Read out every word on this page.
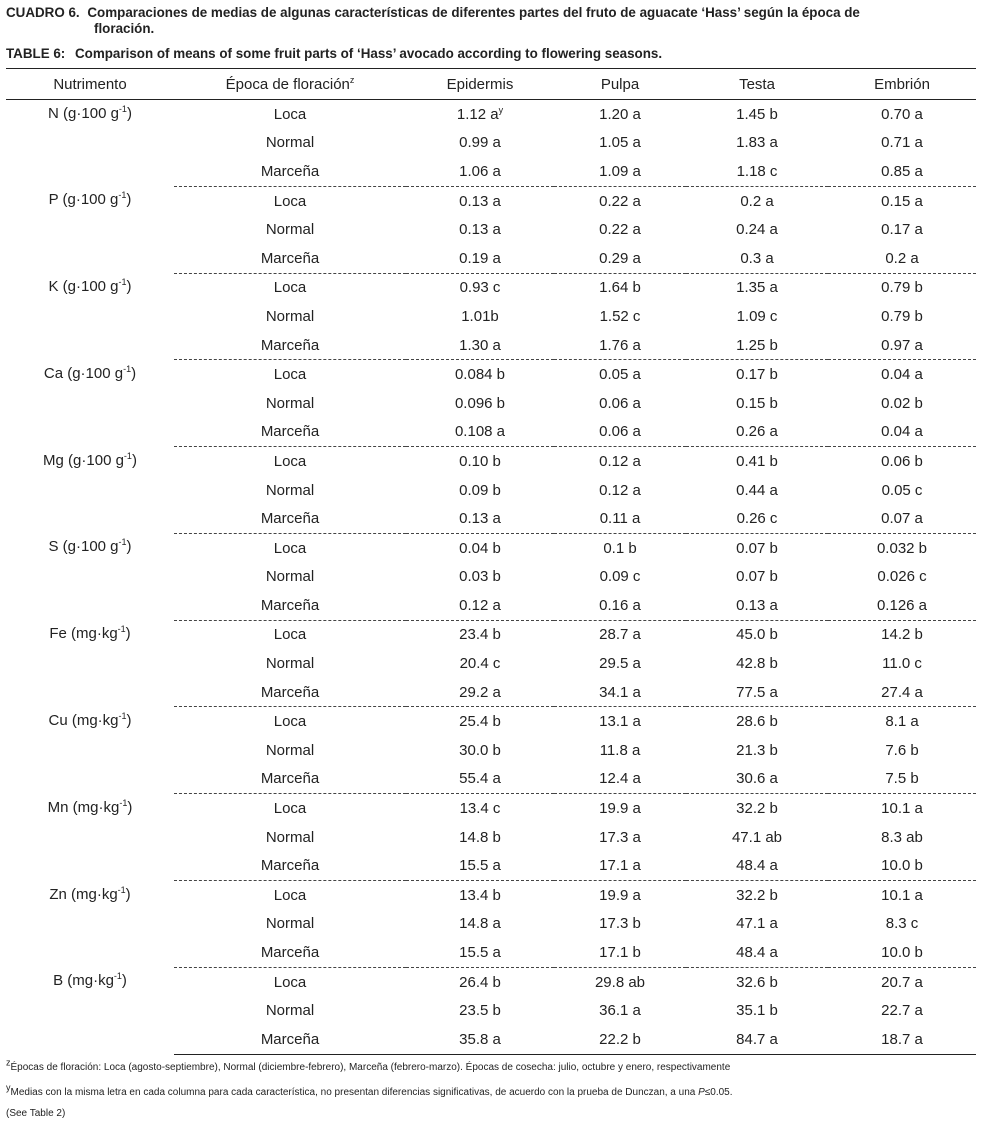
CUADRO 6. Comparaciones de medias de algunas características de diferentes partes del fruto de aguacate ‘Hass’ según la época de
floración.
TABLE 6: Comparison of means of some fruit parts of ‘Hass’ avocado according to flowering seasons.
Nutrimento	Época de floración$^z$	Epidermis	Pulpa	Testa	Embrión
N (g·100 $g^{-1}$)	Loca	1.12 $a^y$	1.20 a	1.45 b	0.70 a
	Normal	0.99 a	1.05 a	1.83 a	0.71 a
	Marceña	1.06 a	1.09 a	1.18 c	0.85 a
P (g·100 $g^{-1}$)	Loca	0.13 a	0.22 a	0.2 a	0.15 a
	Normal	0.13 a	0.22 a	0.24 a	0.17 a
	Marceña	0.19 a	0.29 a	0.3 a	0.2 a
K (g·100 $g^{-1}$)	Loca	0.93 c	1.64 b	1.35 a	0.79 b
	Normal	1.01b	1.52 c	1.09 c	0.79 b
	Marceña	1.30 a	1.76 a	1.25 b	0.97 a
Ca (g·100 $g^{-1}$)	Loca	0.084 b	0.05 a	0.17 b	0.04 a
	Normal	0.096 b	0.06 a	0.15 b	0.02 b
	Marceña	0.108 a	0.06 a	0.26 a	0.04 a
Mg (g·100 $g^{-1}$)	Loca	0.10 b	0.12 a	0.41 b	0.06 b
	Normal	0.09 b	0.12 a	0.44 a	0.05 c
	Marceña	0.13 a	0.11 a	0.26 c	0.07 a
S (g·100 $g^{-1}$)	Loca	0.04 b	0.1 b	0.07 b	0.032 b
	Normal	0.03 b	0.09 c	0.07 b	0.026 c
	Marceña	0.12 a	0.16 a	0.13 a	0.126 a
Fe $(mg\cdot kg^{-1})$	Loca	23.4 b	28.7 a	45.0 b	14.2 b
	Normal	20.4 c	29.5 a	42.8 b	11.0 c
	Marceña	29.2 a	34.1 a	77.5 a	27.4 a
Cu $(mg\cdot kg^{-1})$	Loca	25.4 b	13.1 a	28.6 b	8.1 a
	Normal	30.0 b	11.8 a	21.3 b	7.6 b
	Marceña	55.4 a	12.4 a	30.6 a	7.5 b
Mn $(mg\cdot kg^{-1})$	Loca	13.4 c	19.9 a	32.2 b	10.1 a
	Normal	14.8 b	17.3 a	47.1 ab	8.3 ab
	Marceña	15.5 a	17.1 a	48.4 a	10.0 b
Zn $(mg\cdot kg^{-1})$	Loca	13.4 b	19.9 a	32.2 b	10.1 a
	Normal	14.8 a	17.3 b	47.1 a	8.3 c
	Marceña	15.5 a	17.1 b	48.4 a	10.0 b
B $(mg\cdot kg^{-1})$	Loca	26.4 b	29.8 ab	32.6 b	20.7 a
	Normal	23.5 b	36.1 a	35.1 b	22.7 a
	Marceña	35.8 a	22.2 b	84.7 a	18.7 a
$^z$Épocas de floración: Loca (agosto-septiembre), Normal (diciembre-febrero), Marceña (febrero-marzo). Épocas de cosecha: julio, octubre y enero, respectivamente
$^y$Medias con la misma letra en cada columna para cada característica, no presentan diferencias significativas, de acuerdo con la prueba de Dunczan, a una P≤0.05.
(See Table 2)
